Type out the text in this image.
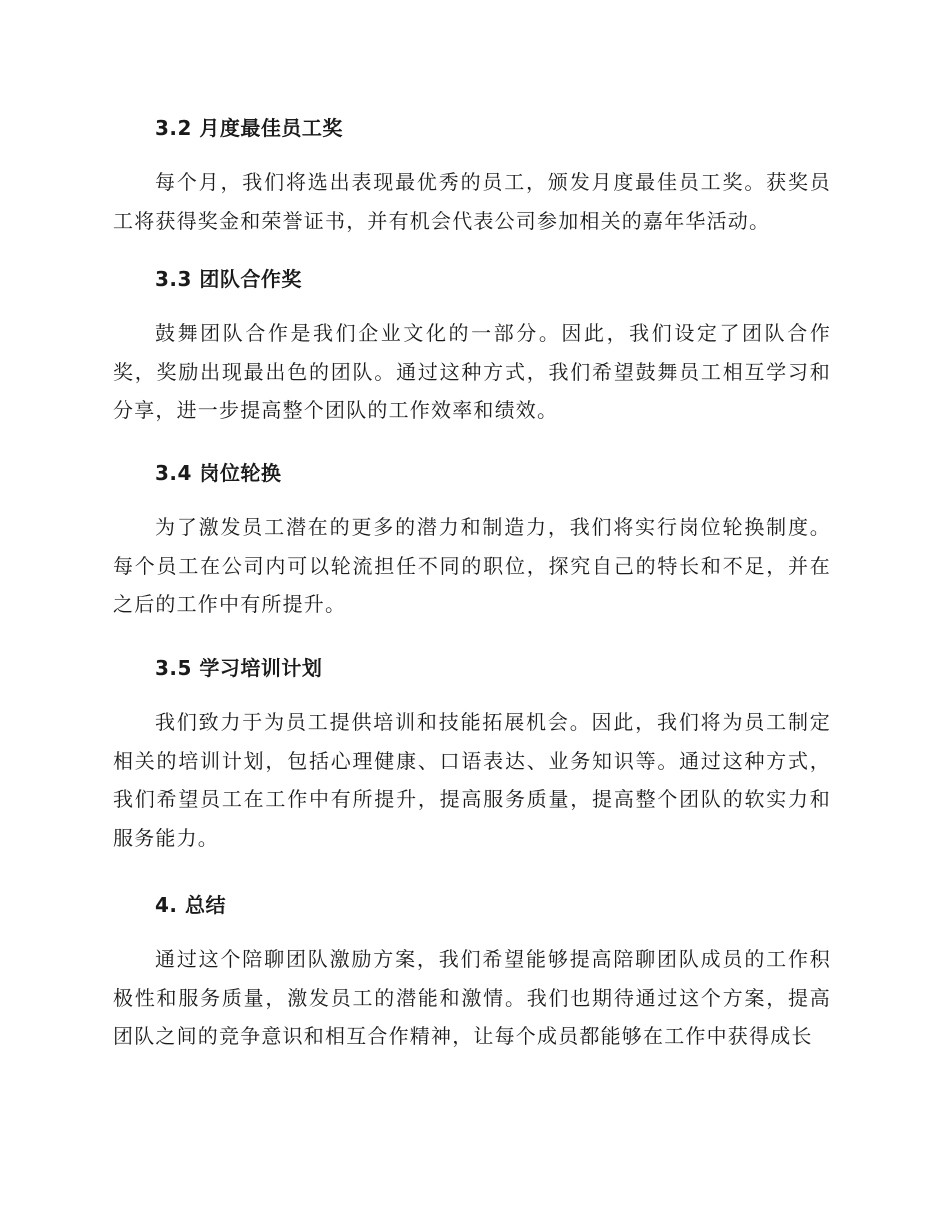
3.2 月度最佳员工奖
每个月，我们将选出表现最优秀的员工，颁发月度最佳员工奖。获奖员工将获得奖金和荣誉证书，并有机会代表公司参加相关的嘉年华活动。
3.3 团队合作奖
鼓舞团队合作是我们企业文化的一部分。因此，我们设定了团队合作奖，奖励出现最出色的团队。通过这种方式，我们希望鼓舞员工相互学习和分享，进一步提高整个团队的工作效率和绩效。
3.4 岗位轮换
为了激发员工潜在的更多的潜力和制造力，我们将实行岗位轮换制度。每个员工在公司内可以轮流担任不同的职位，探究自己的特长和不足，并在之后的工作中有所提升。
3.5 学习培训计划
我们致力于为员工提供培训和技能拓展机会。因此，我们将为员工制定相关的培训计划，包括心理健康、口语表达、业务知识等。通过这种方式，我们希望员工在工作中有所提升，提高服务质量，提高整个团队的软实力和服务能力。
4. 总结
通过这个陪聊团队激励方案，我们希望能够提高陪聊团队成员的工作积极性和服务质量，激发员工的潜能和激情。我们也期待通过这个方案，提高团队之间的竞争意识和相互合作精神，让每个成员都能够在工作中获得成长
